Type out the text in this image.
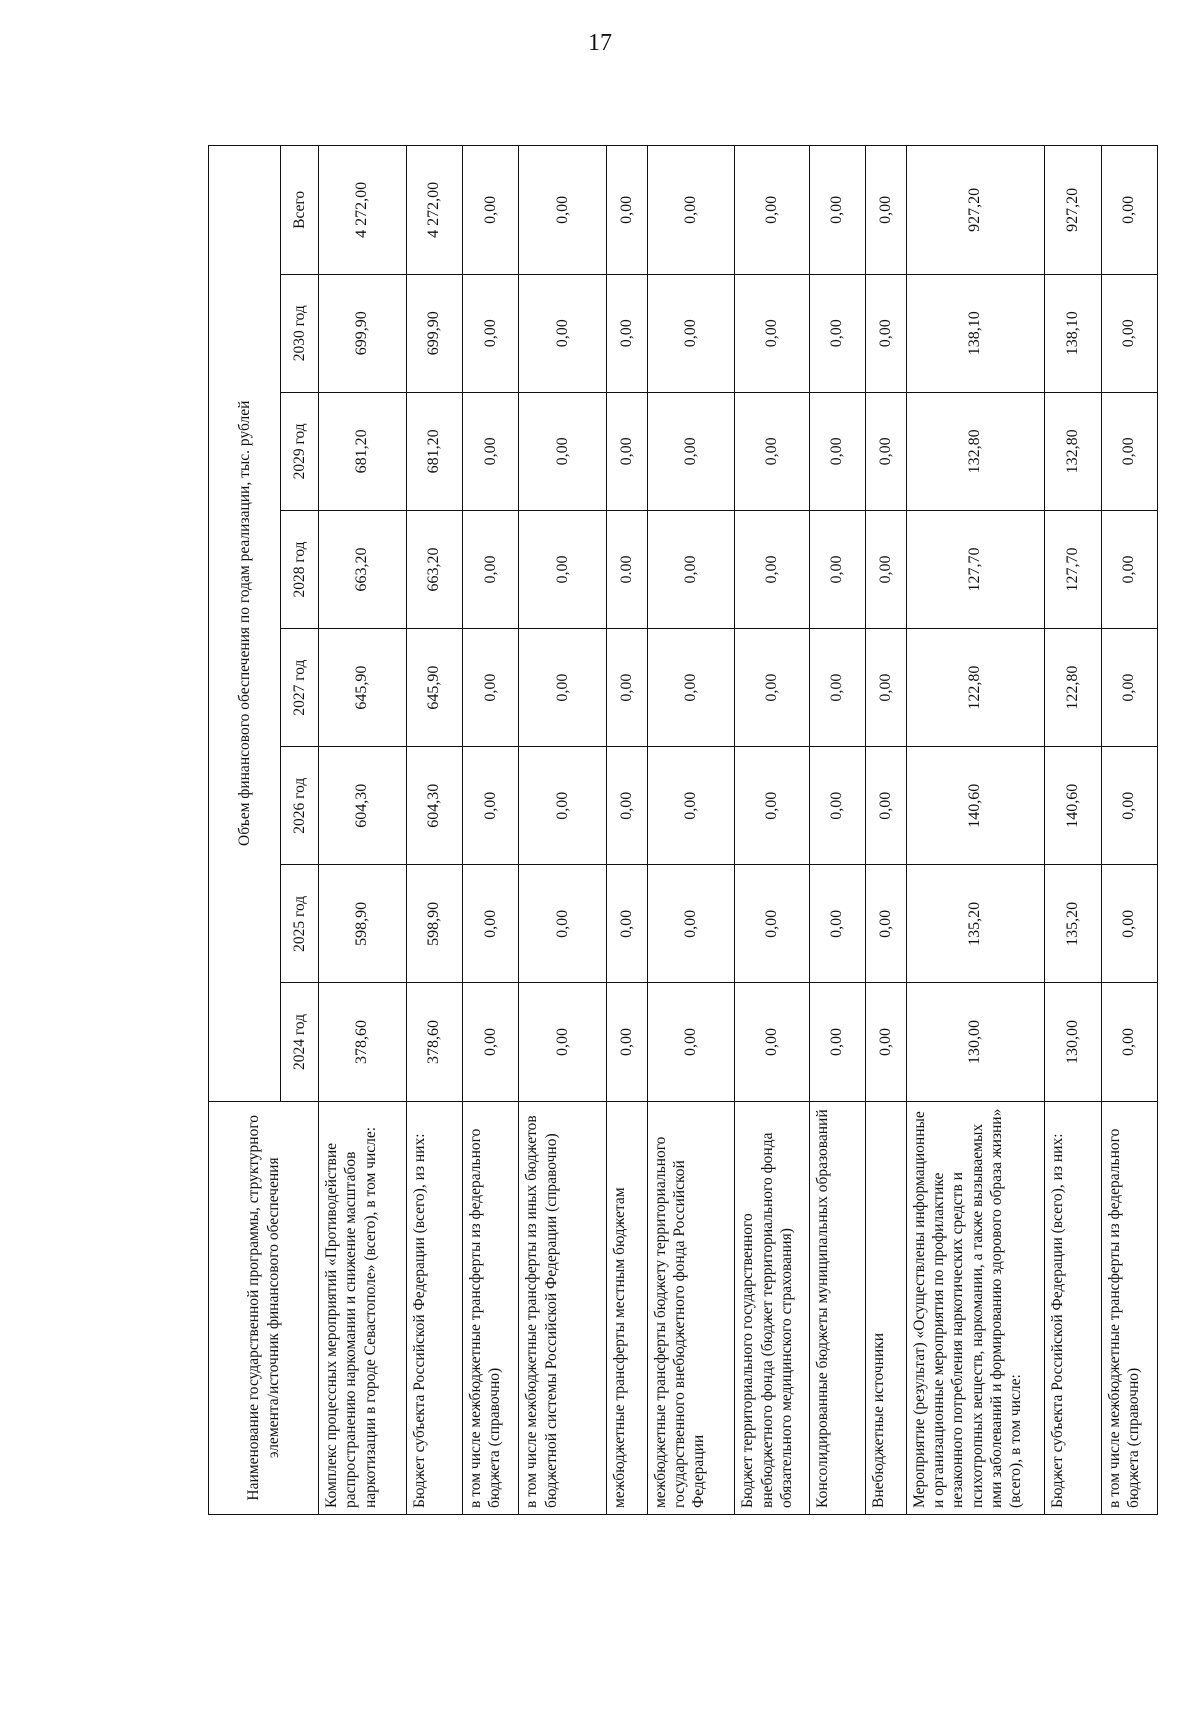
17
Наименование государственной программы, структурного элемента/источник финансового обеспечения	Объем финансового обеспечения по годам реализации, тыс. рублей							
	2024 год	2025 год	2026 год	2027 год	2028 год	2029 год	2030 год	Всего
Комплекс процессных мероприятий «Противодействие распространению наркомании и снижение масштабов наркотизации в городе Севастополе» (всего), в том числе:	378,60	598,90	604,30	645,90	663,20	681,20	699,90	4 272,00
Бюджет субъекта Российской Федерации (всего), из них:	378,60	598,90	604,30	645,90	663,20	681,20	699,90	4 272,00
в том числе межбюджетные трансферты из федерального бюджета (справочно)	0,00	0,00	0,00	0,00	0,00	0,00	0,00	0,00
в том числе межбюджетные трансферты из иных бюджетов бюджетной системы Российской Федерации (справочно)	0,00	0,00	0,00	0,00	0,00	0,00	0,00	0,00
межбюджетные трансферты местным бюджетам	0,00	0,00	0,00	0,00	0.00	0,00	0,00	0,00
межбюджетные трансферты бюджету территориального государственного внебюджетного фонда Российской Федерации	0,00	0,00	0,00	0,00	0,00	0,00	0,00	0,00
Бюджет территориального государственного внебюджетного фонда (бюджет территориального фонда обязательного медицинского страхования)	0,00	0,00	0,00	0,00	0,00	0,00	0,00	0,00
Консолидированные бюджеты муниципальных образований	0,00	0,00	0,00	0,00	0,00	0,00	0,00	0,00
Внебюджетные источники	0,00	0,00	0,00	0,00	0,00	0,00	0,00	0,00
Мероприятие (результат) «Осуществлены информационные и организационные мероприятия по профилактике незаконного потребления наркотических средств и психотропных веществ, наркомании, а также вызываемых ими заболеваний и формированию здорового образа жизни» (всего), в том числе:	130,00	135,20	140,60	122,80	127,70	132,80	138,10	927,20
Бюджет субъекта Российской Федерации (всего), из них:	130,00	135,20	140,60	122,80	127,70	132,80	138,10	927,20
в том числе межбюджетные трансферты из федерального бюджета (справочно)	0,00	0,00	0,00	0,00	0,00	0,00	0,00	0,00
